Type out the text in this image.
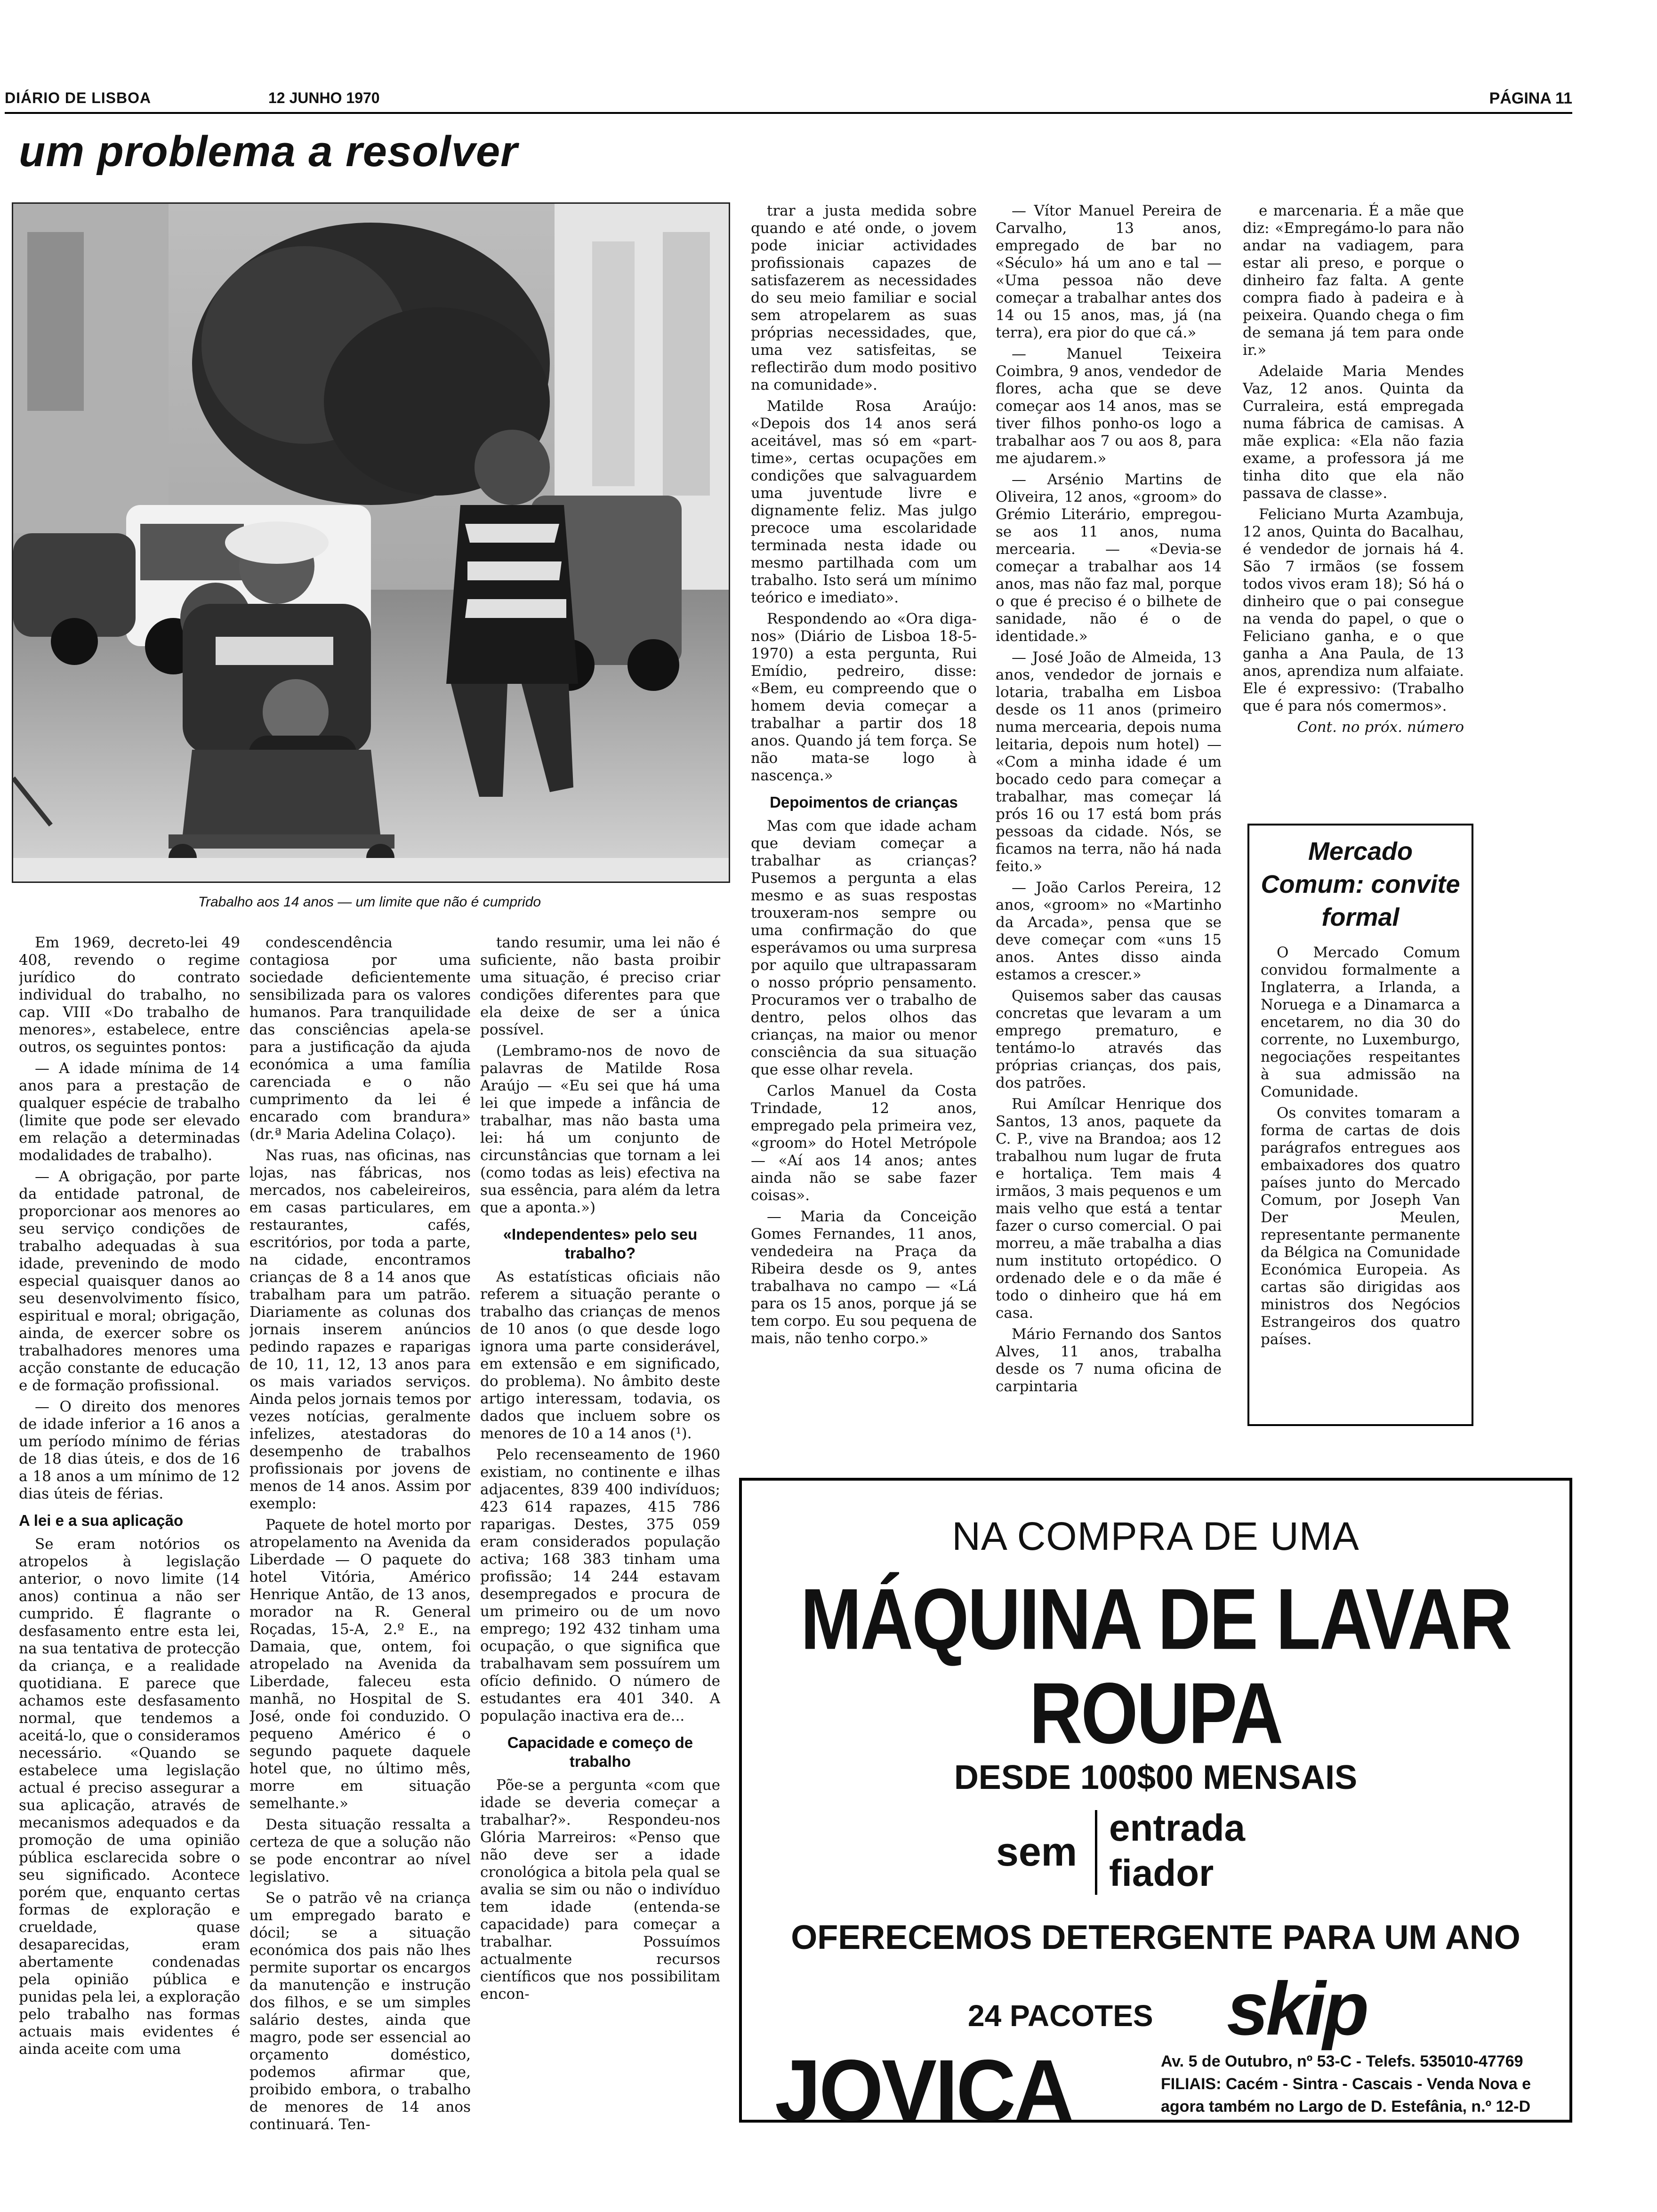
DIÁRIO DE LISBOA	12 JUNHO 1970	PÁGINA 11
um problema a resolver
Trabalho aos 14 anos — um limite que não é cumprido

Em 1969, decreto-lei 49 408, revendo o regime jurídico do contrato individual do trabalho, no cap. VIII «Do trabalho de menores», estabelece, entre outros, os seguintes pontos:

— A idade mínima de 14 anos para a prestação de qualquer espécie de trabalho (limite que pode ser elevado em relação a determinadas modalidades de trabalho).

— A obrigação, por parte da entidade patronal, de proporcionar aos menores ao seu serviço condições de trabalho adequadas à sua idade, prevenindo de modo especial quaisquer danos ao seu desenvolvimento físico, espiritual e moral; obrigação, ainda, de exercer sobre os trabalhadores menores uma acção constante de educação e de formação profissional.

— O direito dos menores de idade inferior a 16 anos a um período mínimo de férias de 18 dias úteis, e dos de 16 a 18 anos a um mínimo de 12 dias úteis de férias.

A lei e a sua aplicação

Se eram notórios os atropelos à legislação anterior, o novo limite (14 anos) continua a não ser cumprido. É flagrante o desfasamento entre esta lei, na sua tentativa de protecção da criança, e a realidade quotidiana. E parece que achamos este desfasamento normal, que tendemos a aceitá-lo, que o consideramos necessário. «Quando se estabelece uma legislação actual é preciso assegurar a sua aplicação, através de mecanismos adequados e da promoção de uma opinião pública esclarecida sobre o seu significado. Acontece porém que, enquanto certas formas de exploração e crueldade, quase desaparecidas, eram abertamente condenadas pela opinião pública e punidas pela lei, a exploração pelo trabalho nas formas actuais mais evidentes é ainda aceite com uma

condescendência contagiosa por uma sociedade deficientemente sensibilizada para os valores humanos. Para tranquilidade das consciências apela-se para a justificação da ajuda económica a uma família carenciada e o não cumprimento da lei é encarado com brandura» (dr.ª Maria Adelina Colaço).

Nas ruas, nas oficinas, nas lojas, nas fábricas, nos mercados, nos cabeleireiros, em casas particulares, em restaurantes, cafés, escritórios, por toda a parte, na cidade, encontramos crianças de 8 a 14 anos que trabalham para um patrão. Diariamente as colunas dos jornais inserem anúncios pedindo rapazes e raparigas de 10, 11, 12, 13 anos para os mais variados serviços. Ainda pelos jornais temos por vezes notícias, geralmente infelizes, atestadoras do desempenho de trabalhos profissionais por jovens de menos de 14 anos. Assim por exemplo:

Paquete de hotel morto por atropelamento na Avenida da Liberdade — O paquete do hotel Vitória, Américo Henrique Antão, de 13 anos, morador na R. General Roçadas, 15-A, 2.º E., na Damaia, que, ontem, foi atropelado na Avenida da Liberdade, faleceu esta manhã, no Hospital de S. José, onde foi conduzido. O pequeno Américo é o segundo paquete daquele hotel que, no último mês, morre em situação semelhante.»

Desta situação ressalta a certeza de que a solução não se pode encontrar ao nível legislativo.

Se o patrão vê na criança um empregado barato e dócil; se a situação económica dos pais não lhes permite suportar os encargos da manutenção e instrução dos filhos, e se um simples salário destes, ainda que magro, pode ser essencial ao orçamento doméstico, podemos afirmar que, proibido embora, o trabalho de menores de 14 anos continuará. Ten-

tando resumir, uma lei não é suficiente, não basta proibir uma situação, é preciso criar condições diferentes para que ela deixe de ser a única possível.

(Lembramo-nos de novo de palavras de Matilde Rosa Araújo — «Eu sei que há uma lei que impede a infância de trabalhar, mas não basta uma lei: há um conjunto de circunstâncias que tornam a lei (como todas as leis) efectiva na sua essência, para além da letra que a aponta.»)

«Independentes» pelo seu trabalho?

As estatísticas oficiais não referem a situação perante o trabalho das crianças de menos de 10 anos (o que desde logo ignora uma parte considerável, em extensão e em significado, do problema). No âmbito deste artigo interessam, todavia, os dados que incluem sobre os menores de 10 a 14 anos (¹).

Pelo recenseamento de 1960 existiam, no continente e ilhas adjacentes, 839 400 indivíduos; 423 614 rapazes, 415 786 raparigas. Destes, 375 059 eram considerados população activa; 168 383 tinham uma profissão; 14 244 estavam desempregados e procura de um primeiro ou de um novo emprego; 192 432 tinham uma ocupação, o que significa que trabalhavam sem possuírem um ofício definido. O número de estudantes era 401 340. A população inactiva era de...

Capacidade e começo de trabalho

Põe-se a pergunta «com que idade se deveria começar a trabalhar?». Respondeu-nos Glória Marreiros: «Penso que não deve ser a idade cronológica a bitola pela qual se avalia se sim ou não o indivíduo tem idade (entenda-se capacidade) para começar a trabalhar. Possuímos actualmente recursos científicos que nos possibilitam encon-

trar a justa medida sobre quando e até onde, o jovem pode iniciar actividades profissionais capazes de satisfazerem as necessidades do seu meio familiar e social sem atropelarem as suas próprias necessidades, que, uma vez satisfeitas, se reflectirão dum modo positivo na comunidade».

Matilde Rosa Araújo: «Depois dos 14 anos será aceitável, mas só em «part-time», certas ocupações em condições que salvaguardem uma juventude livre e dignamente feliz. Mas julgo precoce uma escolaridade terminada nesta idade ou mesmo partilhada com um trabalho. Isto será um mínimo teórico e imediato».

Respondendo ao «Ora diga-nos» (Diário de Lisboa 18-5-1970) a esta pergunta, Rui Emídio, pedreiro, disse: «Bem, eu compreendo que o homem devia começar a trabalhar a partir dos 18 anos. Quando já tem força. Se não mata-se logo à nascença.»

Depoimentos de crianças

Mas com que idade acham que deviam começar a trabalhar as crianças? Pusemos a pergunta a elas mesmo e as suas respostas trouxeram-nos sempre ou uma confirmação do que esperávamos ou uma surpresa por aquilo que ultrapassaram o nosso próprio pensamento. Procuramos ver o trabalho de dentro, pelos olhos das crianças, na maior ou menor consciência da sua situação que esse olhar revela.

Carlos Manuel da Costa Trindade, 12 anos, empregado pela primeira vez, «groom» do Hotel Metrópole — «Aí aos 14 anos; antes ainda não se sabe fazer coisas».

— Maria da Conceição Gomes Fernandes, 11 anos, vendedeira na Praça da Ribeira desde os 9, antes trabalhava no campo — «Lá para os 15 anos, porque já se tem corpo. Eu sou pequena de mais, não tenho corpo.»

— Vítor Manuel Pereira de Carvalho, 13 anos, empregado de bar no «Século» há um ano e tal — «Uma pessoa não deve começar a trabalhar antes dos 14 ou 15 anos, mas, já (na terra), era pior do que cá.»

— Manuel Teixeira Coimbra, 9 anos, vendedor de flores, acha que se deve começar aos 14 anos, mas se tiver filhos ponho-os logo a trabalhar aos 7 ou aos 8, para me ajudarem.»

— Arsénio Martins de Oliveira, 12 anos, «groom» do Grémio Literário, empregou-se aos 11 anos, numa mercearia. — «Devia-se começar a trabalhar aos 14 anos, mas não faz mal, porque o que é preciso é o bilhete de sanidade, não é o de identidade.»

— José João de Almeida, 13 anos, vendedor de jornais e lotaria, trabalha em Lisboa desde os 11 anos (primeiro numa mercearia, depois numa leitaria, depois num hotel) — «Com a minha idade é um bocado cedo para começar a trabalhar, mas começar lá prós 16 ou 17 está bom prás pessoas da cidade. Nós, se ficamos na terra, não há nada feito.»

— João Carlos Pereira, 12 anos, «groom» no «Martinho da Arcada», pensa que se deve começar com «uns 15 anos. Antes disso ainda estamos a crescer.»

Quisemos saber das causas concretas que levaram a um emprego prematuro, e tentámo-lo através das próprias crianças, dos pais, dos patrões.

Rui Amílcar Henrique dos Santos, 13 anos, paquete da C. P., vive na Brandoa; aos 12 trabalhou num lugar de fruta e hortaliça. Tem mais 4 irmãos, 3 mais pequenos e um mais velho que está a tentar fazer o curso comercial. O pai morreu, a mãe trabalha a dias num instituto ortopédico. O ordenado dele e o da mãe é todo o dinheiro que há em casa.

Mário Fernando dos Santos Alves, 11 anos, trabalha desde os 7 numa oficina de carpintaria

e marcenaria. É a mãe que diz: «Empregámo-lo para não andar na vadiagem, para estar ali preso, e porque o dinheiro faz falta. A gente compra fiado à padeira e à peixeira. Quando chega o fim de semana já tem para onde ir.»

Adelaide Maria Mendes Vaz, 12 anos. Quinta da Curraleira, está empregada numa fábrica de camisas. A mãe explica: «Ela não fazia exame, a professora já me tinha dito que ela não passava de classe».

Feliciano Murta Azambuja, 12 anos, Quinta do Bacalhau, é vendedor de jornais há 4. São 7 irmãos (se fossem todos vivos eram 18); Só há o dinheiro que o pai consegue na venda do papel, o que o Feliciano ganha, e o que ganha a Ana Paula, de 13 anos, aprendiza num alfaiate. Ele é expressivo: (Trabalho que é para nós comermos».

Cont. no próx. número

Mercado Comum: convite formal

O Mercado Comum convidou formalmente a Inglaterra, a Irlanda, a Noruega e a Dinamarca a encetarem, no dia 30 do corrente, no Luxemburgo, negociações respeitantes à sua admissão na Comunidade.

Os convites tomaram a forma de cartas de dois parágrafos entregues aos embaixadores dos quatro países junto do Mercado Comum, por Joseph Van Der Meulen, representante permanente da Bélgica na Comunidade Económica Europeia. As cartas são dirigidas aos ministros dos Negócios Estrangeiros dos quatro países.

NA COMPRA DE UMA
MÁQUINA DE LAVAR
ROUPA
DESDE 100$00 MENSAIS
sem
entrada
fiador
OFERECEMOS DETERGENTE PARA UM ANO
24 PACOTES skip
JOVICA	Av. 5 de Outubro, nº 53-C - Telefs. 535010-47769
FILIAIS: Cacém - Sintra - Cascais - Venda Nova e
agora também no Largo de D. Estefânia, n.º 12-D
